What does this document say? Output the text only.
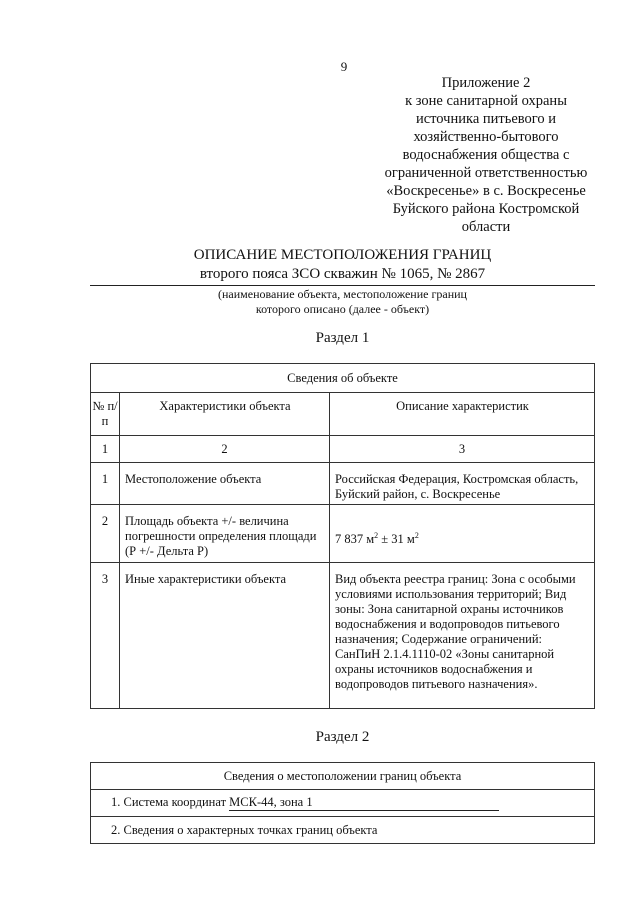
9
Приложение 2
к зоне санитарной охраны
источника питьевого и
хозяйственно-бытового
водоснабжения общества с
ограниченной ответственностью
«Воскресенье» в с. Воскресенье
Буйского района Костромской
области
ОПИСАНИЕ МЕСТОПОЛОЖЕНИЯ ГРАНИЦ
второго пояса ЗСО скважин № 1065, № 2867
(наименование объекта, местоположение границ
которого описано (далее - объект)
Раздел 1
Сведения об объекте		
№ п/п	Характеристики объекта	Описание характеристик
1	2	3
1	Местоположение объекта	Российская Федерация, Костромская область, Буйский район, с. Воскресенье
2	Площадь объекта +/- величина погрешности определения площади (Р +/- Дельта Р)	7 837 $м^2 \pm 31$ $м^2$
3	Иные характеристики объекта	Вид объекта реестра границ: Зона с особыми условиями использования территорий; Вид зоны: Зона санитарной охраны источников водоснабжения и водопроводов питьевого назначения; Содержание ограничений: СанПиН 2.1.4.1110-02 «Зоны санитарной охраны источников водоснабжения и водопроводов питьевого назначения».
Раздел 2
Сведения о местоположении границ объекта
1. Система координат МСК-44, зона 1
2. Сведения о характерных точках границ объекта
